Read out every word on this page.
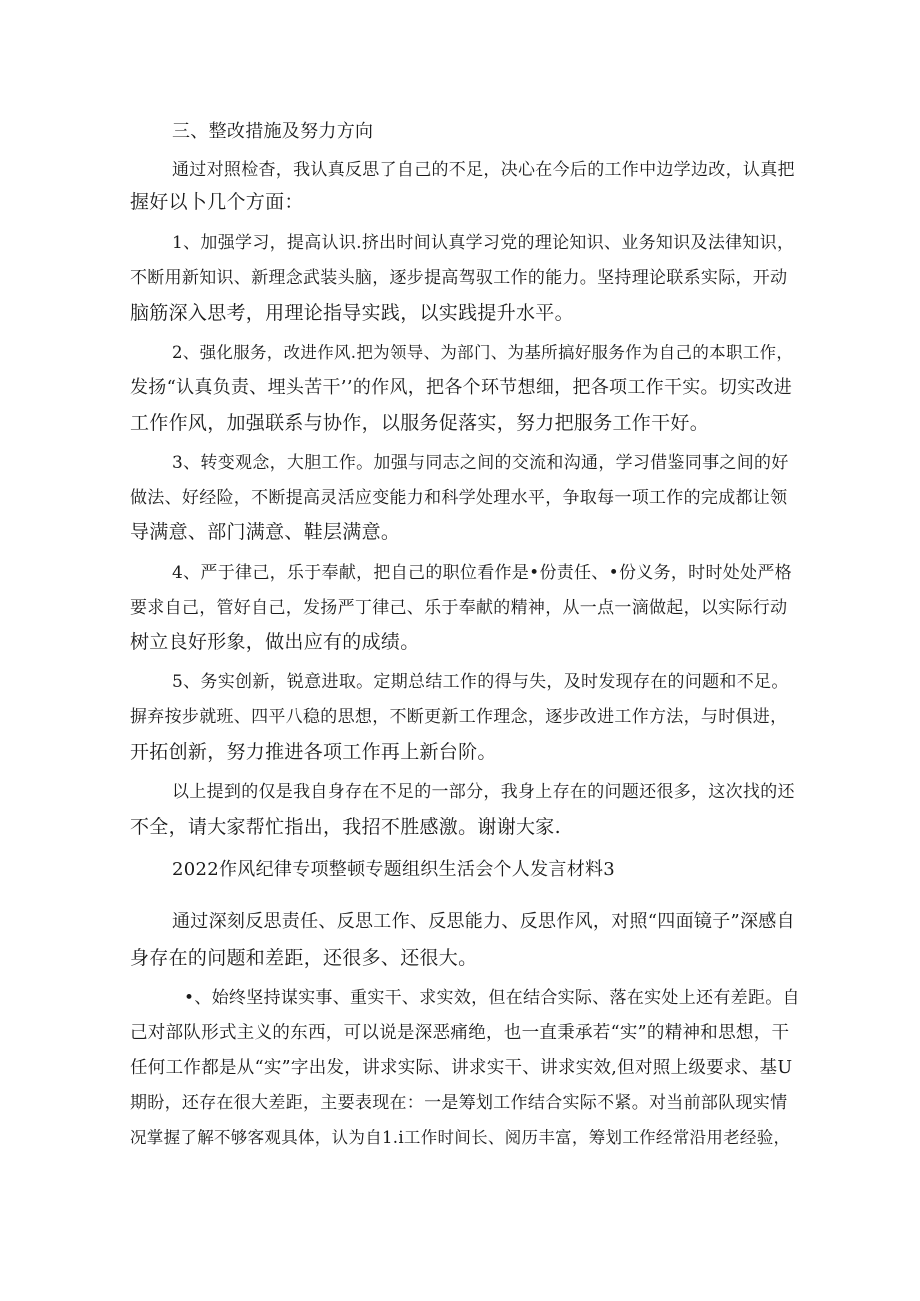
三、整改措施及努力方向
通过对照检杳，我认真反思了自己的不足，决心在今后的工作中边学边改，认真把
握好以卜几个方面：
1、加强学习，提高认识.挤出时间认真学习党的理论知识、业务知识及法律知识，
不断用新知识、新理念武装头脑，逐步提高驾驭工作的能力。坚持理论联系实际，开动
脑筋深入思考，用理论指导实践，以实践提升水平。
2、强化服务，改进作风.把为领导、为部门、为基所搞好服务作为自己的本职工作，
发扬“认真负责、埋头苦干’’的作风，把各个环节想细，把各项工作干实。切实改进
工作作风，加强联系与协作，以服务促落实，努力把服务工作干好。
3、转变观念，大胆工作。加强与同志之间的交流和沟通，学习借鉴同事之间的好
做法、好经险，不断提高灵活应变能力和科学处理水平，争取每一项工作的完成都让领
导满意、部门满意、鞋层满意。
4、严于律己，乐于奉献，把自己的职位看作是•份责任、•份义务，时时处处严格
要求自己，管好自己，发扬严丁律己、乐于奉献的精神，从一点一滴做起，以实际行动
树立良好形象，做出应有的成绩。
5、务实创新，锐意进取。定期总结工作的得与失，及时发现存在的问题和不足。
摒弃按步就班、四平八稳的思想，不断更新工作理念，逐步改进工作方法，与时俱进，
开拓创新，努力推进各项工作再上新台阶。
以上提到的仅是我自身存在不足的一部分，我身上存在的问题还很多，这次找的还
不全，请大家帮忙指出，我招不胜感激。谢谢大家.
2022作风纪律专项整顿专题组织生活会个人发言材料3
通过深刻反思责任、反思工作、反思能力、反思作风，对照“四面镜子”深感自
身存在的问题和差距，还很多、还很大。
•、始终坚持谋实事、重实干、求实效，但在结合实际、落在实处上还有差距。自
己对部队形式主义的东西，可以说是深恶痛绝，也一直秉承若“实”的精神和思想，干
任何工作都是从“实”字出发，讲求实际、讲求实干、讲求实效,但对照上级要求、基U
期盼，还存在很大差距，主要表现在：一是筹划工作结合实际不紧。对当前部队现实情
况掌握了解不够客观具体，认为自1.i工作时间长、阅历丰富，筹划工作经常沿用老经验，
